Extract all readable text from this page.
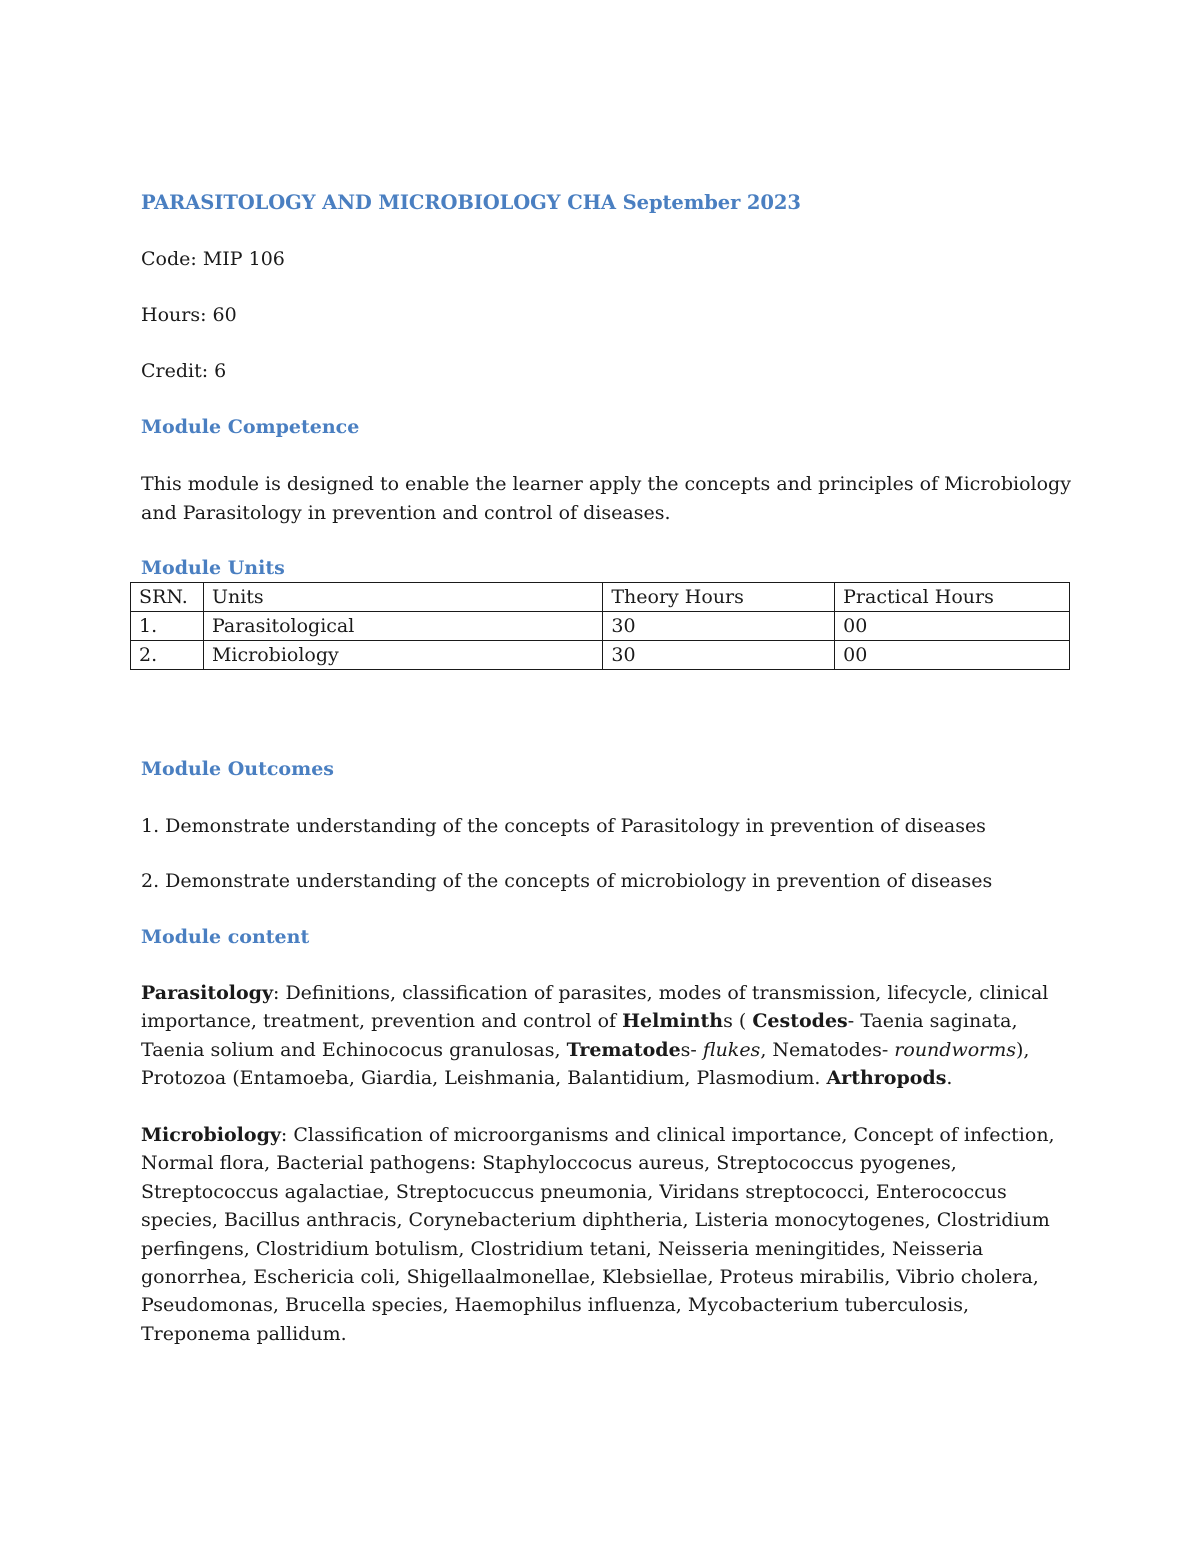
PARASITOLOGY AND MICROBIOLOGY CHA September 2023

Code: MIP 106

Hours: 60

Credit: 6

Module Competence

This module is designed to enable the learner apply the concepts and principles of Microbiology

and Parasitology in prevention and control of diseases.

Module Units

SRN.	Units	Theory Hours	Practical Hours
1.	Parasitological	30	00
2.	Microbiology	30	00

Module Outcomes

1. Demonstrate understanding of the concepts of Parasitology in prevention of diseases

2. Demonstrate understanding of the concepts of microbiology in prevention of diseases

Module content

Parasitology: Definitions, classification of parasites, modes of transmission, lifecycle, clinical importance, treatment, prevention and control of Helminths ( Cestodes- Taenia saginata, Taenia solium and Echinococus granulosas, Trematodes- flukes, Nematodes- roundworms), Protozoa (Entamoeba, Giardia, Leishmania, Balantidium, Plasmodium. Arthropods.

Microbiology: Classification of microorganisms and clinical importance, Concept of infection, Normal flora, Bacterial pathogens: Staphyloccocus aureus, Streptococcus pyogenes, Streptococcus agalactiae, Streptocuccus pneumonia, Viridans streptococci, Enterococcus species, Bacillus anthracis, Corynebacterium diphtheria, Listeria monocytogenes, Clostridium perfingens, Clostridium botulism, Clostridium tetani, Neisseria meningitides, Neisseria gonorrhea, Eschericia coli, Shigellaalmonellae, Klebsiellae, Proteus mirabilis, Vibrio cholera, Pseudomonas, Brucella species, Haemophilus influenza, Mycobacterium tuberculosis, Treponema pallidum.
